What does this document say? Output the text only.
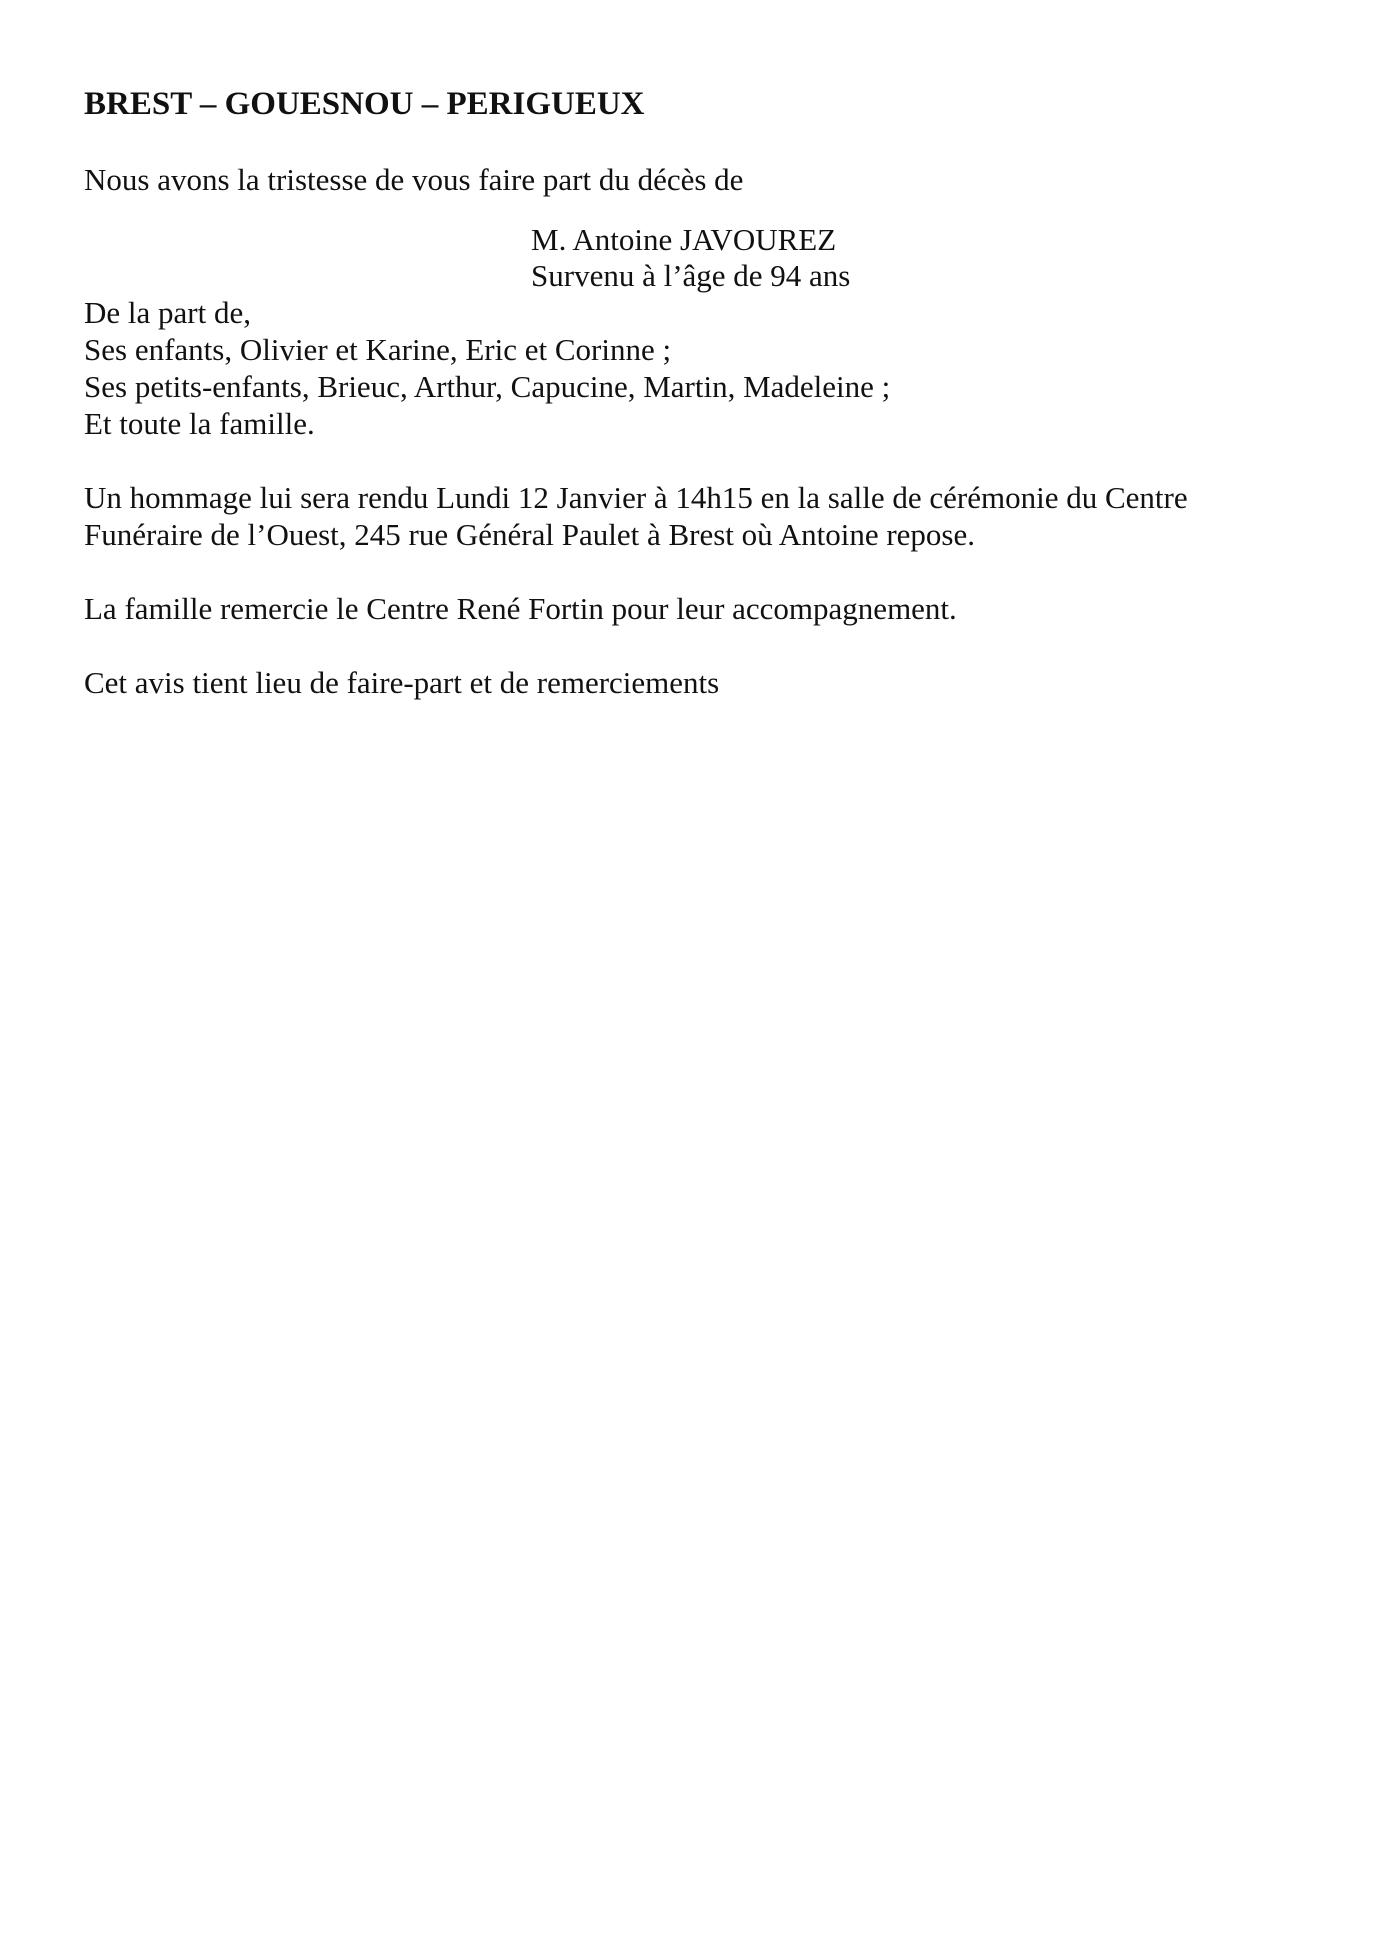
BREST – GOUESNOU – PERIGUEUX
Nous avons la tristesse de vous faire part du décès de
M. Antoine JAVOUREZ
Survenu à l’âge de 94 ans
De la part de,
Ses enfants, Olivier et Karine, Eric et Corinne ;
Ses petits-enfants, Brieuc, Arthur, Capucine, Martin, Madeleine ;
Et toute la famille.
Un hommage lui sera rendu Lundi 12 Janvier à 14h15 en la salle de cérémonie du Centre
Funéraire de l’Ouest, 245 rue Général Paulet à Brest où Antoine repose.
La famille remercie le Centre René Fortin pour leur accompagnement.
Cet avis tient lieu de faire-part et de remerciements
